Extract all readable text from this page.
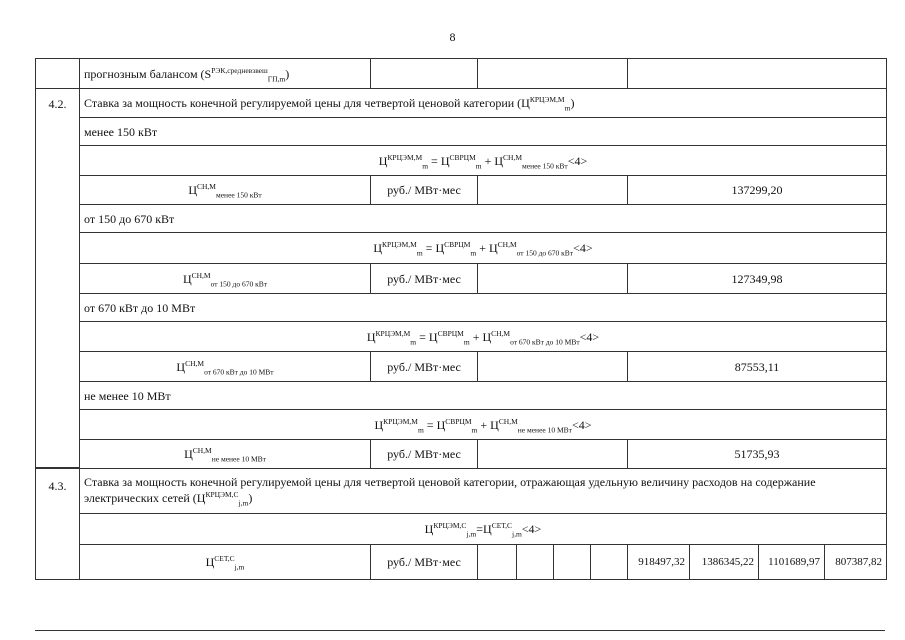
8
прогнозным балансом $(S^{РЭК,средневзвеш}_{ГП,m})$
4.2.	Ставка за мощность конечной регулируемой цены для четвертой ценовой категории $(Ц^{КРЦЭМ,М}_m)$
менее 150 кВт
$Ц^{КРЦЭМ,М}_m = Ц^{СВРЦМ}_m + Ц^{СН,М}_{менее 150 кВт}<4>$
$Ц^{СН,М}_{менее 150 кВт}$	руб./ МВт·мес	137299,20
от 150 до 670 кВт
$Ц^{КРЦЭМ,М}_m = Ц^{СВРЦМ}_m + Ц^{СН,М}_{от 150 до 670 кВт}<4>$
$Ц^{СН,М}_{от 150 до 670 кВт}$	руб./ МВт·мес	127349,98
от 670 кВт до 10 МВт
$Ц^{КРЦЭМ,М}_m = Ц^{СВРЦМ}_m + Ц^{СН,М}_{от 670 кВт до 10 МВт}<4>$
$Ц^{СН,М}_{от 670 кВт до 10 МВт}$	руб./ МВт·мес	87553,11
не менее 10 МВт
$Ц^{КРЦЭМ,М}_m = Ц^{СВРЦМ}_m + Ц^{СН,М}_{не менее 10 МВт}<4>$
$Ц^{СН,М}_{не менее 10 МВт}$	руб./ МВт·мес	51735,93
4.3.	Ставка за мощность конечной регулируемой цены для четвертой ценовой категории, отражающая удельную величину расходов на содержание электрических сетей $(Ц^{КРЦЭМ,С}_{j,m})$
$Ц^{КРЦЭМ,С}_{j,m}=Ц^{СЕТ,С}_{j,m}<4>$
$Ц^{СЕТ,С}_{j,m}$	руб./ МВт·мес	918497,32 1386345,22 1101689,97 807387,82
